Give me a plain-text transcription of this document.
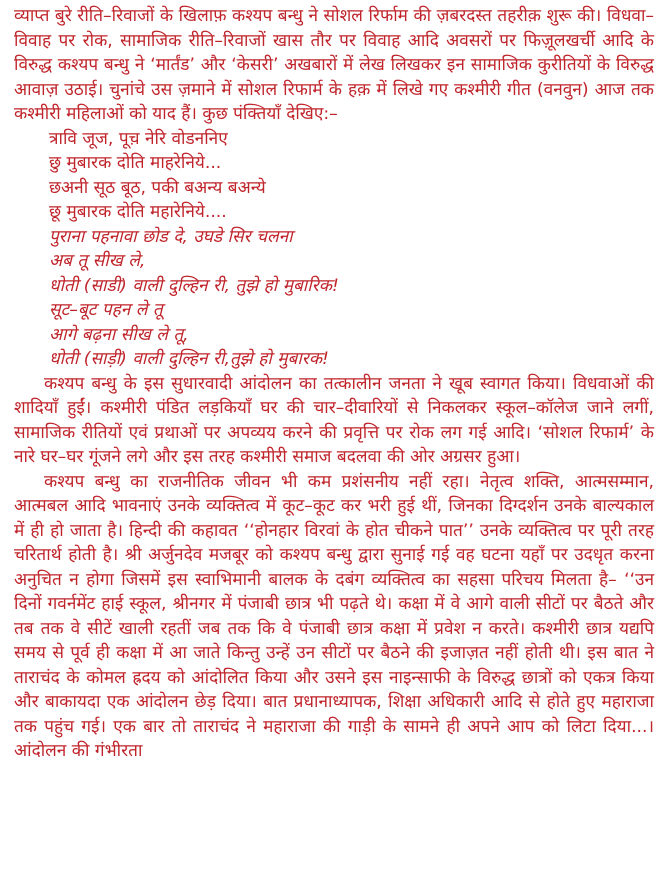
व्याप्त बुरे रीति–रिवाजों के खिलाफ़ कश्यप बन्धु ने सोशल रिर्फाम की ज़बरदस्त तहरीक़ शुरू की। विधवा–विवाह पर रोक, सामाजिक रीति–रिवाजों खास तौर पर विवाह आदि अवसरों पर फिज़ूलखर्ची आदि के विरुद्ध कश्यप बन्धु ने ‘मार्तंड’ और ‘केसरी’ अखबारों में लेख लिखकर इन सामाजिक कुरीतियों के विरुद्ध आवाज़ उठाई। चुनांचे उस ज़माने में सोशल रिफार्म के हक़ में लिखे गए कश्मीरी गीत (वनवुन) आज तक कश्मीरी महिलाओं को याद हैं। कुछ पंक्तियाँ देखिए:–

त्रावि जूज, पूच़ नेरि वोडननिए
छु मुबारक दोति माहरेनिये...
छअनी सूठ बूठ, पकी बअन्य बअन्ये
छू मुबारक दोति महारेनिये....
पुराना पहनावा छोड दे, उघडे सिर चलना
अब तू सीख ले,
धोती (साडी) वाली दुल्हिन री, तुझे हो मुबारिक!
सूट–बूट पहन ले तू
आगे बढ़ना सीख ले तू,
धोती (साड़ी) वाली दुल्हिन री,तुझे हो मुबारक!

कश्यप बन्धु के इस सुधारवादी आंदोलन का तत्कालीन जनता ने खूब स्वागत किया। विधवाओं की शादियाँ हुईं। कश्मीरी पंडित लड़कियाँ घर की चार–दीवारियों से निकलकर स्कूल–कॉलेज जाने लगीं, सामाजिक रीतियों एवं प्रथाओं पर अपव्यय करने की प्रवृत्ति पर रोक लग गई आदि। ‘सोशल रिफार्म’ के नारे घर–घर गूंजने लगे और इस तरह कश्मीरी समाज बदलवा की ओर अग्रसर हुआ।

कश्यप बन्धु का राजनीतिक जीवन भी कम प्रशंसनीय नहीं रहा। नेतृत्व शक्ति, आत्मसम्मान, आत्मबल आदि भावनाएं उनके व्यक्तित्व में कूट–कूट कर भरी हुई थीं, जिनका दिग्दर्शन उनके बाल्यकाल में ही हो जाता है। हिन्दी की कहावत ‘‘होनहार विरवां के होत चीकने पात’’ उनके व्यक्तित्व पर पूरी तरह चरितार्थ होती है। श्री अर्जुनदेव मजबूर को कश्यप बन्धु द्वारा सुनाई गई वह घटना यहाँ पर उदधृत करना अनुचित न होगा जिसमें इस स्वाभिमानी बालक के दबंग व्यक्तित्व का सहसा परिचय मिलता है– ‘‘उन दिनों गवर्नमेंट हाई स्कूल, श्रीनगर में पंजाबी छात्र भी पढ़ते थे। कक्षा में वे आगे वाली सीटों पर बैठते और तब तक वे सीटें खाली रहतीं जब तक कि वे पंजाबी छात्र कक्षा में प्रवेश न करते। कश्मीरी छात्र यद्यपि समय से पूर्व ही कक्षा में आ जाते किन्तु उन्हें उन सीटों पर बैठने की इजाज़त नहीं होती थी। इस बात ने ताराचंद के कोमल ह्रदय को आंदोलित किया और उसने इस नाइन्साफी के विरुद्ध छात्रों को एकत्र किया और बाकायदा एक आंदोलन छेड़ दिया। बात प्रधानाध्यापक, शिक्षा अधिकारी आदि से होते हुए महाराजा तक पहुंच गई। एक बार तो ताराचंद ने महाराजा की गाड़ी के सामने ही अपने आप को लिटा दिया...। आंदोलन की गंभीरता
